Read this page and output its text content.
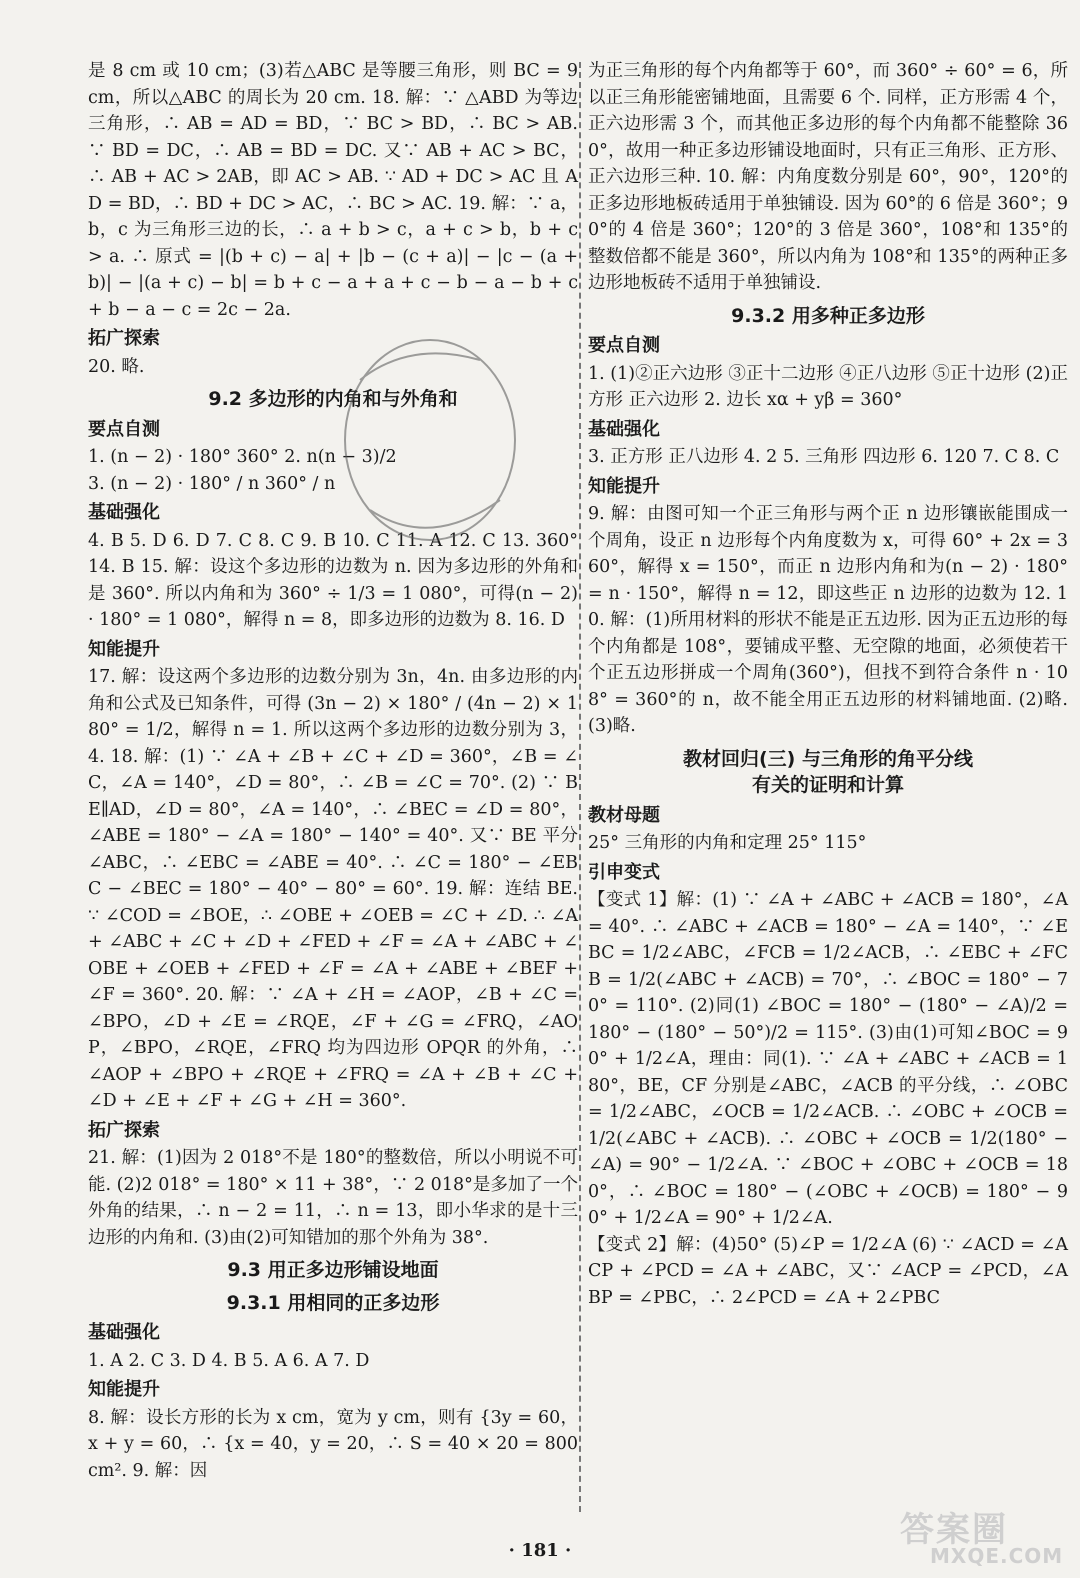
是 8 cm 或 10 cm；(3)若△ABC 是等腰三角形，则 BC = 9 cm，所以△ABC 的周长为 20 cm. 18. 解：∵ △ABD 为等边三角形，∴ AB = AD = BD，∵ BC > BD，∴ BC > AB. ∵ BD = DC，∴ AB = BD = DC. 又∵ AB + AC > BC，∴ AB + AC > 2AB，即 AC > AB. ∵ AD + DC > AC 且 AD = BD，∴ BD + DC > AC，∴ BC > AC. 19. 解：∵ a，b，c 为三角形三边的长，∴ a + b > c，a + c > b，b + c > a. ∴ 原式 = |(b + c) − a| + |b − (c + a)| − |c − (a + b)| − |(a + c) − b| = b + c − a + a + c − b − a − b + c + b − a − c = 2c − 2a.

拓广探索

20. 略.

9.2 多边形的内角和与外角和
要点自测

1. (n − 2) · 180° 360° 2. n(n − 3)/2

3. (n − 2) · 180° / n 360° / n

基础强化

4. B 5. D 6. D 7. C 8. C 9. B 10. C 11. A 12. C 13. 360° 14. B 15. 解：设这个多边形的边数为 n. 因为多边形的外角和是 360°. 所以内角和为 360° ÷ 1/3 = 1 080°，可得(n − 2) · 180° = 1 080°，解得 n = 8，即多边形的边数为 8. 16. D

知能提升

17. 解：设这两个多边形的边数分别为 3n，4n. 由多边形的内角和公式及已知条件，可得 (3n − 2) × 180° / (4n − 2) × 180° = 1/2，解得 n = 1. 所以这两个多边形的边数分别为 3，4. 18. 解：(1) ∵ ∠A + ∠B + ∠C + ∠D = 360°，∠B = ∠C，∠A = 140°，∠D = 80°，∴ ∠B = ∠C = 70°. (2) ∵ BE∥AD，∠D = 80°，∠A = 140°，∴ ∠BEC = ∠D = 80°，∠ABE = 180° − ∠A = 180° − 140° = 40°. 又∵ BE 平分∠ABC，∴ ∠EBC = ∠ABE = 40°. ∴ ∠C = 180° − ∠EBC − ∠BEC = 180° − 40° − 80° = 60°. 19. 解：连结 BE. ∵ ∠COD = ∠BOE，∴ ∠OBE + ∠OEB = ∠C + ∠D. ∴ ∠A + ∠ABC + ∠C + ∠D + ∠FED + ∠F = ∠A + ∠ABC + ∠OBE + ∠OEB + ∠FED + ∠F = ∠A + ∠ABE + ∠BEF + ∠F = 360°. 20. 解：∵ ∠A + ∠H = ∠AOP，∠B + ∠C = ∠BPO，∠D + ∠E = ∠RQE，∠F + ∠G = ∠FRQ，∠AOP，∠BPO，∠RQE，∠FRQ 均为四边形 OPQR 的外角，∴ ∠AOP + ∠BPO + ∠RQE + ∠FRQ = ∠A + ∠B + ∠C + ∠D + ∠E + ∠F + ∠G + ∠H = 360°.

拓广探索

21. 解：(1)因为 2 018°不是 180°的整数倍，所以小明说不可能. (2)2 018° = 180° × 11 + 38°，∵ 2 018°是多加了一个外角的结果，∴ n − 2 = 11，∴ n = 13，即小华求的是十三边形的内角和. (3)由(2)可知错加的那个外角为 38°.

9.3 用正多边形铺设地面
9.3.1 用相同的正多边形
基础强化

1. A 2. C 3. D 4. B 5. A 6. A 7. D

知能提升

8. 解：设长方形的长为 x cm，宽为 y cm，则有 {3y = 60，x + y = 60，∴ {x = 40，y = 20，∴ S = 40 × 20 = 800 cm². 9. 解：因

为正三角形的每个内角都等于 60°，而 360° ÷ 60° = 6，所以正三角形能密铺地面，且需要 6 个. 同样，正方形需 4 个，正六边形需 3 个，而其他正多边形的每个内角都不能整除 360°，故用一种正多边形铺设地面时，只有正三角形、正方形、正六边形三种. 10. 解：内角度数分别是 60°，90°，120°的正多边形地板砖适用于单独铺设. 因为 60°的 6 倍是 360°；90°的 4 倍是 360°；120°的 3 倍是 360°，108°和 135°的整数倍都不能是 360°，所以内角为 108°和 135°的两种正多边形地板砖不适用于单独铺设.

9.3.2 用多种正多边形
要点自测

1. (1)②正六边形 ③正十二边形 ④正八边形 ⑤正十边形 (2)正方形 正六边形 2. 边长 xα + yβ = 360°

基础强化

3. 正方形 正八边形 4. 2 5. 三角形 四边形 6. 120 7. C 8. C

知能提升

9. 解：由图可知一个正三角形与两个正 n 边形镶嵌能围成一个周角，设正 n 边形每个内角度数为 x，可得 60° + 2x = 360°，解得 x = 150°，而正 n 边形内角和为(n − 2) · 180° = n · 150°，解得 n = 12，即这些正 n 边形的边数为 12. 10. 解：(1)所用材料的形状不能是正五边形. 因为正五边形的每个内角都是 108°，要铺成平整、无空隙的地面，必须使若干个正五边形拼成一个周角(360°)，但找不到符合条件 n · 108° = 360°的 n，故不能全用正五边形的材料铺地面. (2)略. (3)略.

教材回归(三) 与三角形的角平分线
有关的证明和计算
教材母题

25° 三角形的内角和定理 25° 115°

引申变式

【变式 1】解：(1) ∵ ∠A + ∠ABC + ∠ACB = 180°，∠A = 40°. ∴ ∠ABC + ∠ACB = 180° − ∠A = 140°，∵ ∠EBC = 1/2∠ABC，∠FCB = 1/2∠ACB，∴ ∠EBC + ∠FCB = 1/2(∠ABC + ∠ACB) = 70°，∴ ∠BOC = 180° − 70° = 110°. (2)同(1) ∠BOC = 180° − (180° − ∠A)/2 = 180° − (180° − 50°)/2 = 115°. (3)由(1)可知∠BOC = 90° + 1/2∠A，理由：同(1). ∵ ∠A + ∠ABC + ∠ACB = 180°，BE，CF 分别是∠ABC，∠ACB 的平分线，∴ ∠OBC = 1/2∠ABC，∠OCB = 1/2∠ACB. ∴ ∠OBC + ∠OCB = 1/2(∠ABC + ∠ACB). ∴ ∠OBC + ∠OCB = 1/2(180° − ∠A) = 90° − 1/2∠A. ∵ ∠BOC + ∠OBC + ∠OCB = 180°，∴ ∠BOC = 180° − (∠OBC + ∠OCB) = 180° − 90° + 1/2∠A = 90° + 1/2∠A.

【变式 2】解：(4)50° (5)∠P = 1/2∠A (6) ∵ ∠ACD = ∠ACP + ∠PCD = ∠A + ∠ABC，又∵ ∠ACP = ∠PCD，∠ABP = ∠PBC，∴ 2∠PCD = ∠A + 2∠PBC

· 181 ·
答案圈
MXQE.COM
